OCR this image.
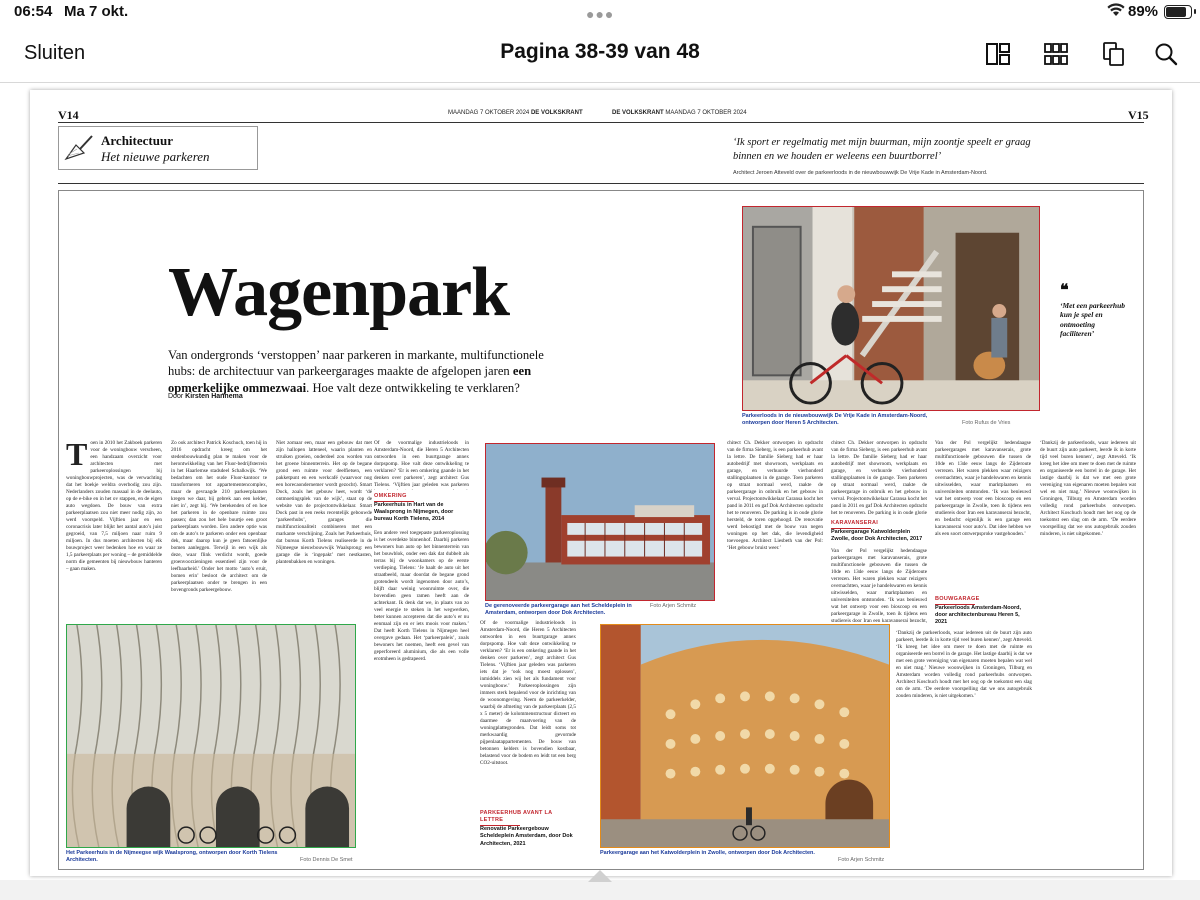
06:54 Ma 7 okt.	●●●	89%
Sluiten	Pagina 38-39 van 48
V14	MAANDAG 7 OKTOBER 2024 DE VOLKSKRANT	DE VOLKSKRANT MAANDAG 7 OKTOBER 2024	V15
Architectuur
Het nieuwe parkeren
‘Ik sport er regelmatig met mijn buurman, mijn zoontje speelt er graag binnen en we houden er weleens een buurtborrel’
Architect Jeroen Atteveld over de parkeerloods in de nieuwbouwwijk De Vrije Kade in Amsterdam-Noord.
Wagenpark
Van ondergronds ‘verstoppen’ naar parkeren in markante, multifunctionele hubs: de architectuur van parkeergarages maakte de afgelopen jaren een opmerkelijke ommezwaai. Hoe valt deze ontwikkeling te verklaren?
Door Kirsten Hannema
Parkeerloods in de nieuwbouwwijk De Vrije Kade in Amsterdam-Noord, ontworpen door Heren 5 Architecten.	Foto Rufus de Vries
❝
‘Met een parkeerhub kun je spel en ontmoeting faciliteren’
Toen in 2010 het Zakboek parkeren voor de woningbouw verscheen, een handzaam overzicht voor architecten met parkeeroplossingen bij woningbouwprojecten, was de verwachting dat het boekje weldra overbodig zou zijn. Nederlanders zouden massaal in de deelauto, op de e-bike en in het ov stappen, en de eigen auto wegdoen. De bouw van extra parkeerplaatsen zou niet meer nodig zijn, zo werd voorspeld. Vijftien jaar en een coronacrisis later blijkt het aantal auto’s juist gegroeid, van 7,5 miljoen naar ruim 9 miljoen. In dus moeten architecten bij elk bouwproject weer bedenken hoe en waar ze 1,5 parkeerplaats per woning – de gemiddelde norm die gemeenten bij nieuwbouw hanteren – gaan maken.
Zo ook architect Patrick Koschuch, toen hij in 2016 opdracht kreeg om het stedenbouwkundig plan te maken voor de herontwikkeling van het Fluor-bedrijfsterrein in het Haarlemse stadsdeel Schalkwijk. ‘We bedachten om het oude Fluor-kantoor te transformeren tot appartementencomplex, maar de gevraagde 210 parkeerplaatsen kregen we daar, bij gebrek aan een kelder, niet in’, zegt hij. ‘We berekenden of en hoe het parkeren in de openbare ruimte zou passen; dan zou het hele buurtje een groot parkeerplaats worden. Een andere optie was om de auto’s te parkeren onder een openbaar dek, maar daarop kun je geen fatsoenlijke bomen aanleggen. Terwijl in een wijk als deze, waar flink verdicht wordt, goede groenvoorzieningen essentieel zijn voor de leefbaarheid.’ Onder het motto ‘auto’s eruit, bomen erin’ besloot de architect om de parkeerplaatsen onder te brengen in een bovengronds parkeergebouw.
Niet zomaar een, maar een gebouw dat met zijn hallopen latteneel, waarin planten en struiken groeien, onderdeel zou worden van het groene binnenterrein. Het op de begane grond een ruimte voor deelfietsen, een pakketpunt en een werkcafé (waarvoor nog een horecaondernemer wordt gezocht). Smart Dock, zoals het gebouw heet, wordt ‘dé ontmoetingsplek van de wijk’, staat op de website van de projectontwikkelaar. Smart Dock past in een reeks recentelijk gebouwde ‘parkeerhubs’, garages die multifunctionaliteit combineren met een markante verschijning. Zoals het Parkeerhuis, dat bureau Korth Tielens realiseerde in de Nijmeegse nieuwbouwwijk Waalsprong: een garage die is ‘ingepakt’ met nestkasten, plantenbakken en woningen.
Of de voormalige industrieloods in Amsterdam-Noord, die Heren 5 Architecten ontworden in een buurtgarage annex dorpspomp. Hoe valt deze ontwikkeling te verklaren? ‘Er is een omkering gaande in het denken over parkeren’, zegt architect Gus Tielens. ‘Vijftien jaar geleden was parkeren
OMKERING
Parkeerhuis in Hart van de Waalsprong in Nijmegen, door bureau Korth Tielens, 2014
De gerenoveerde parkeergarage aan het Scheldeplein in Amsterdam, ontworpen door Dok Architecten.
Foto Arjen Schmitz
chitect Ch. Dekker ontworpen in opdracht van de firma Sieberg, is een parkeerhub avant la lettre. De familie Sieberg had er haar autobedrijf met showroom, werkplaats en garage, en verhuurde vierhonderd stallingsplaatsen in de garage. Toen parkeren op straat normaal werd, raakte de parkeergarage in onbruik en het gebouw in verval. Projectontwikkelaar Caransa kocht het pand in 2011 en gaf Dok Architecten opdracht het te renoveren. De parking is in oude glorie hersteld, de toren opgehoogd. De renovatie werd bekostigd met de bouw van negen woningen op het dak, die levendigheid toevoegen. Architect Liesbeth van der Pol: ‘Het gebouw bruist weer.’
chitect Ch. Dekker ontworpen in opdracht van de firma Sieberg, is een parkeerhub avant la lettre. De familie Sieberg had er haar autobedrijf met showroom, werkplaats en garage, en verhuurde vierhonderd stallingsplaatsen in de garage. Toen parkeren op straat normaal werd, raakte de parkeergarage in onbruik en het gebouw in verval. Projectontwikkelaar Caransa kocht het pand in 2011 en gaf Dok Architecten opdracht het te renoveren. De parking is in oude glorie
KARAVANSERAI
Parkeergarage Katwolderplein Zwolle, door Dok Architecten, 2017
Van der Pol vergelijkt hedendaagse parkeergarages met karavanserais, grote multifunctionele gebouwen die tussen de 10de en 13de eeuw langs de Zijderoute verrezen. Het waren plekken waar reizigers overnachtten, waar je handelswaren en kennis uitwisselden, waar marktplaatsen en universiteiten ontstonden. ‘Ik was benieuwd wat het ontwerp voor een bioscoop en een parkeergarage in Zwolle, toen ik tijdens een studiereis door Iran een karavanserai bezocht,
Van der Pol vergelijkt hedendaagse parkeergarages met karavanserais, grote multifunctionele gebouwen die tussen de 10de en 13de eeuw langs de Zijderoute verrezen. Het waren plekken waar reizigers overnachtten, waar je handelswaren en kennis uitwisselden, waar marktplaatsen en universiteiten ontstonden. ‘Ik was benieuwd wat het ontwerp voor een bioscoop en een parkeergarage in Zwolle, toen ik tijdens een studiereis door Iran een karavanserai bezocht, en bedacht: eigenlijk is een garage een karavanserai voor auto’s. Dat idee hebben we als een soort ontwerpsproke vastgehouden.’
BOUWGARAGE
Parkeerloods Amsterdam-Noord, door architectenbureau Heren 5, 2021
‘Dankzij de parkeerloods, waar iedereen uit de buurt zijn auto parkeert, leerde ik in korte tijd veel buren kennen’, zegt Atteveld. ‘Ik kreeg het idee om meer te doen met de ruimte en organiseerde een borrel in de garage. Het lastige daarbij is dat we met een grote vereniging van eigenaren moeten bepalen wat wel en niet mag.’ Nieuwe woonwijken in Groningen, Tilburg en Amsterdam worden volledig rond parkeerhubs ontworpen. Architect Koschuch houdt met het oog op de toekomst een slag om de arm. ‘De eerdere voorspelling dat we ons autogebruik zouden minderen, is niet uitgekomen.’
Het Parkeerhuis in de Nijmeegse wijk Waalsprong, ontworpen door Korth Tielens Architecten.	Foto Dennis De Smet
Een andere veel toegepaste parkeeroplossing is het overdekte binnenhof. Daarbij parkeren bewoners hun auto op het binnenterrein van het bouwblok, onder een dak dat dubbelt als terras bij de woonkamers op de eerste verdieping. Tielens: ‘Je haalt de auto uit het straatbeeld, maar doordat de begane grond grotendeels wordt ingenomen door auto’s, blijft daar weinig woonruimte over, die bovendien geen ramen heeft aan de achterkant. Ik denk dat we, in plaats van zo veel energie te steken in het wegwerken, beter kunnen accepteren dat die auto’s er nu eenmaal zijn en er iets moois voor maken.’ Dat heeft Korth Tielens in Nijmegen heel overgave gedaan. Het ‘parkeerpaleis’, zoals bewoners het noemen, heeft een gevel van geperforeerd aluminium, die als een volle erotmheen is gedrapeerd.
Of de voormalige industrieloods in Amsterdam-Noord, die Heren 5 Architecten ontworden in een buurtgarage annex dorpspomp. Hoe valt deze ontwikkeling te verklaren? ‘Er is een omkering gaande in het denken over parkeren’, zegt architect Gus Tielens. ‘Vijftien jaar geleden was parkeren iets dat je ‘ook nog moest oplossen’, inmiddels zien wij het als fundament voor woningbouw.’ Parkeeroplossingen zijn immers sterk bepalend voor de inrichting van de woonomgeving. Neem de parkeerkelder, waarbij de afmeting van de parkeerplaats (2,5 x 5 meter) de kolommenstructuur dicteert en daarmee de maatvoering van de woningplattegronden. Dat leidt soms tot merkwaardig gevormde pijpenlaatappartementen. De bouw van betonnen kelders is bovendien kostbaar, belastend voor de bodem en leidt tot een berg CO2-uitstoot.
PARKEERHUB AVANT LA LETTRE
Renovatie Parkeergebouw Scheldeplein Amsterdam, door Dok Architecten, 2021
Parkeergarage aan het Katwolderplein in Zwolle, ontworpen door Dok Architecten.
Foto Arjen Schmitz
‘Dankzij de parkeerloods, waar iedereen uit de buurt zijn auto parkeert, leerde ik in korte tijd veel buren kennen’, zegt Atteveld. ‘Ik kreeg het idee om meer te doen met de ruimte en organiseerde een borrel in de garage. Het lastige daarbij is dat we met een grote vereniging van eigenaren moeten bepalen wat wel en niet mag.’ Nieuwe woonwijken in Groningen, Tilburg en Amsterdam worden volledig rond parkeerhubs ontworpen. Architect Koschuch houdt met het oog op de toekomst een slag om de arm. ‘De eerdere voorspelling dat we ons autogebruik zouden minderen, is niet uitgekomen.’
